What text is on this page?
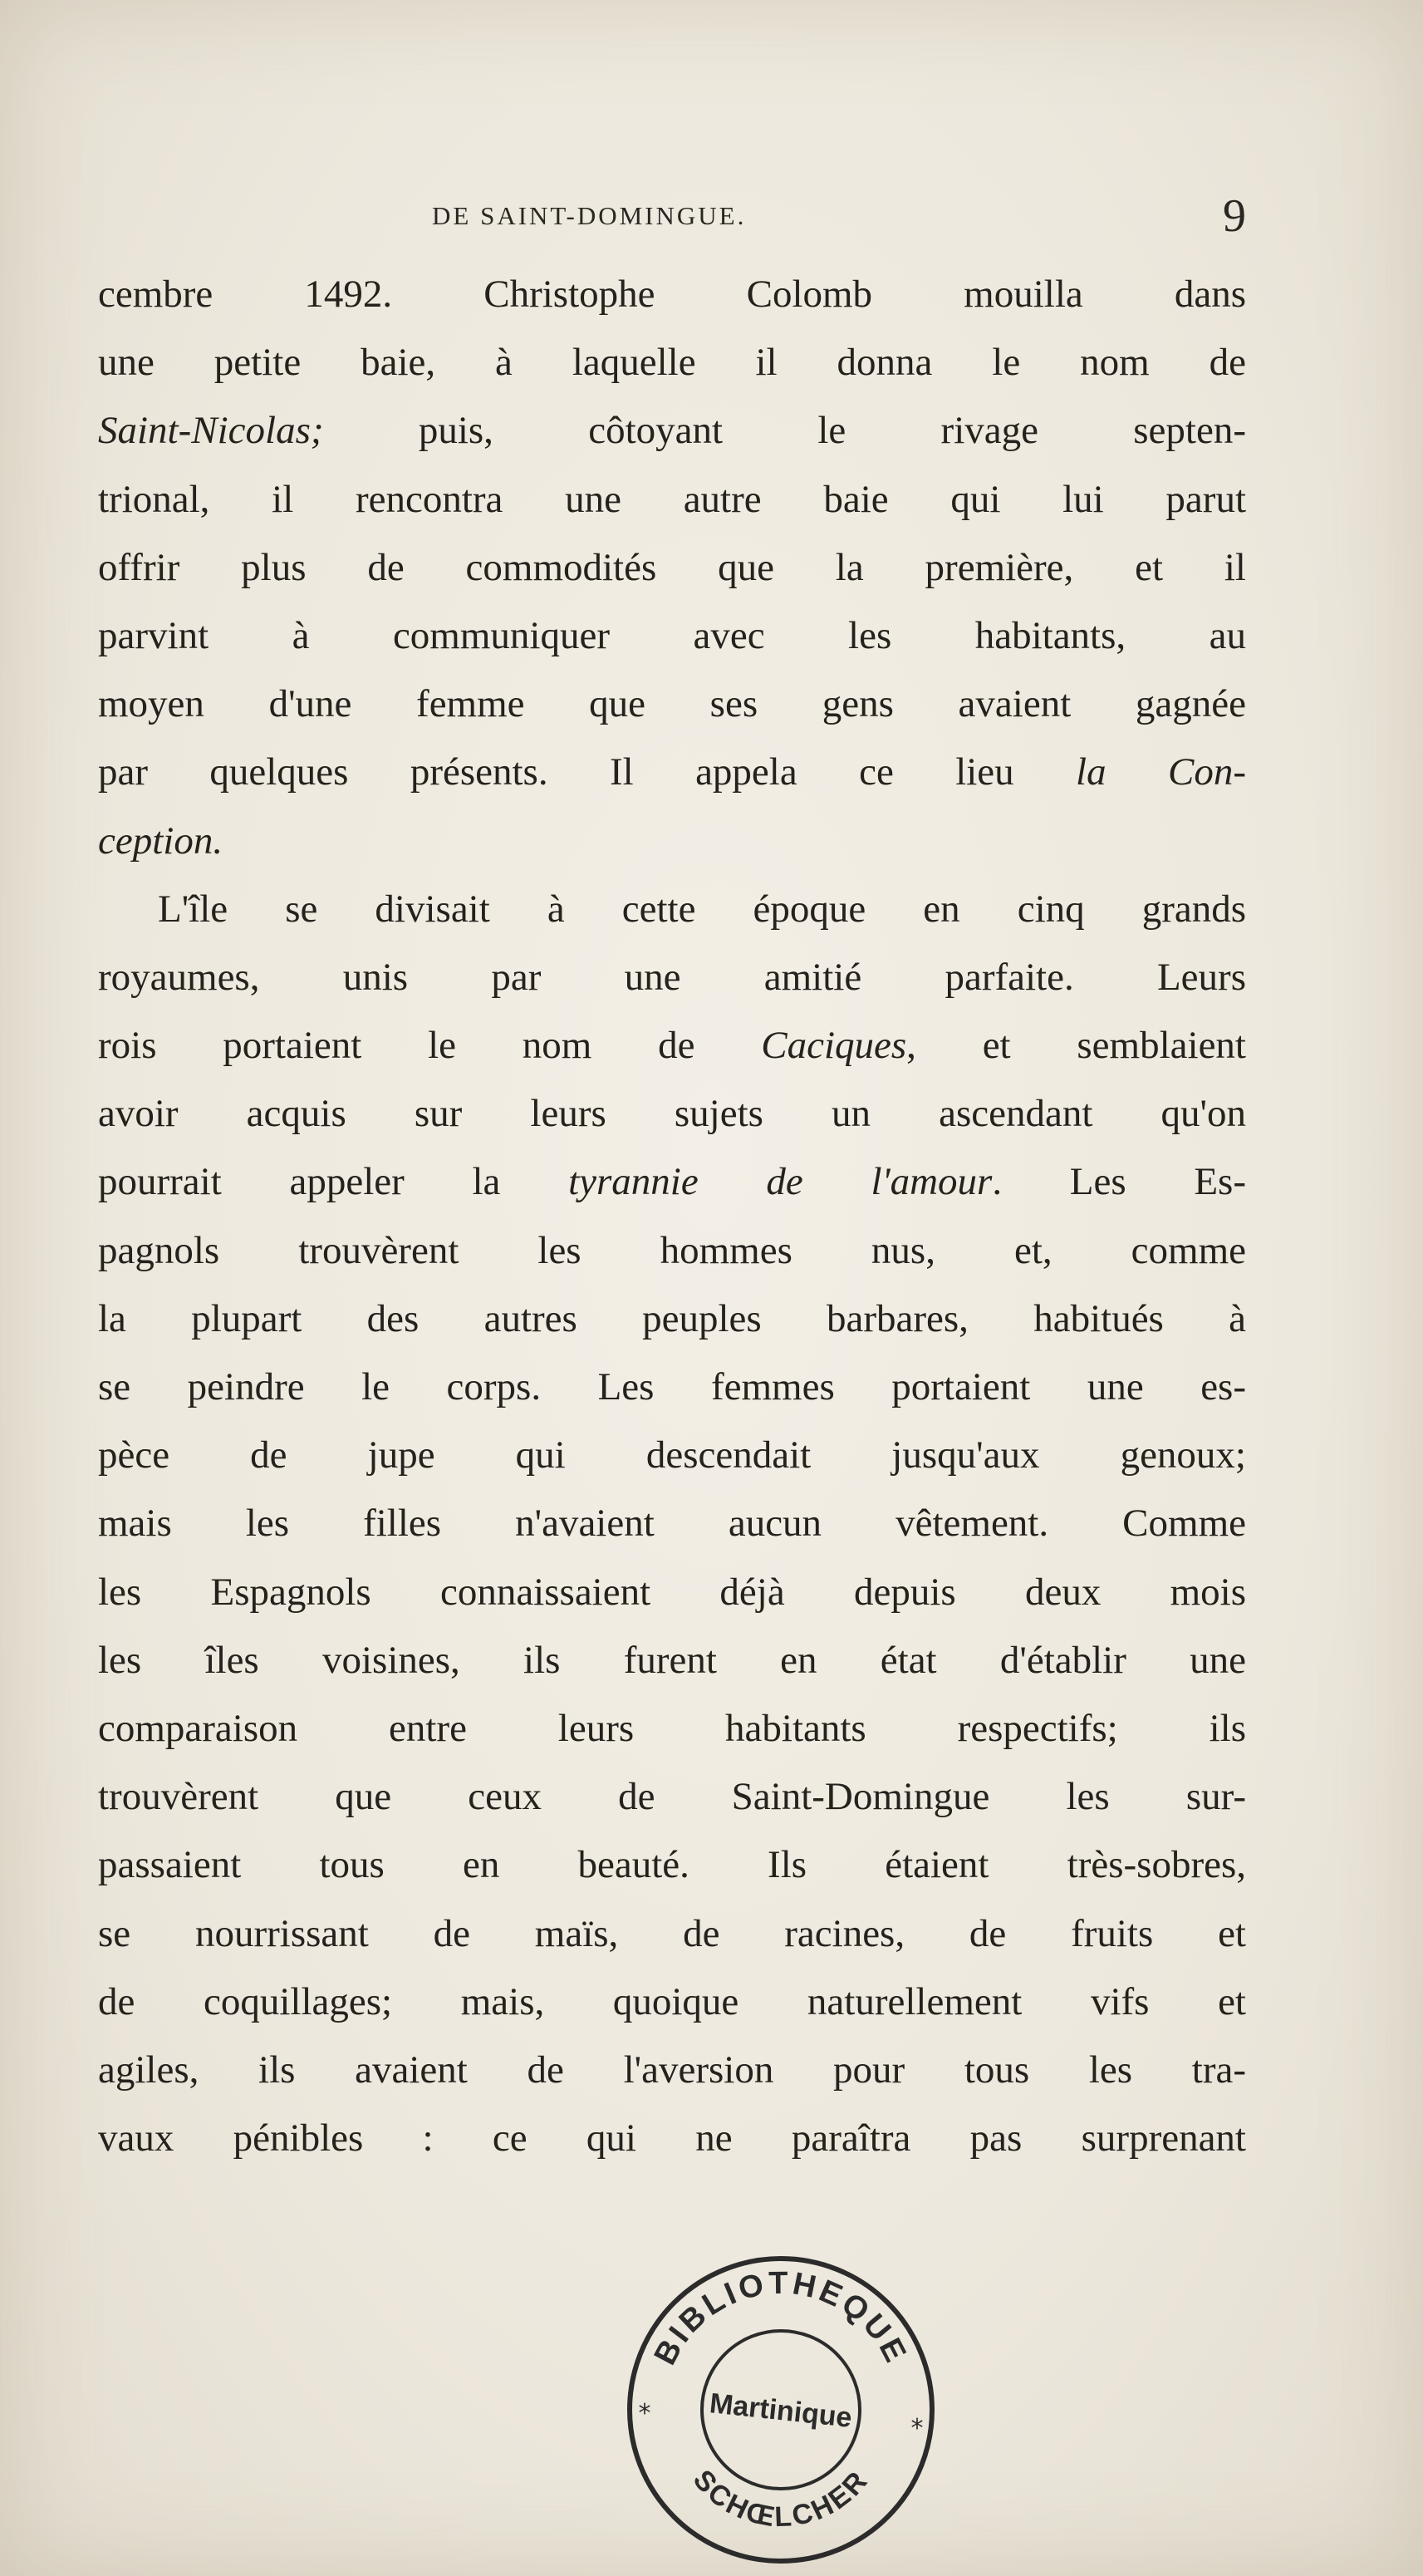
DE SAINT-DOMINGUE.	9
cembre 1492. Christophe Colomb mouilla dans
une petite baie, à laquelle il donna le nom de
Saint-Nicolas; puis, côtoyant le rivage septen-
trional, il rencontra une autre baie qui lui parut
offrir plus de commodités que la première, et il
parvint à communiquer avec les habitants, au
moyen d'une femme que ses gens avaient gagnée
par quelques présents. Il appela ce lieu la Con-
ception.
L'île se divisait à cette époque en cinq grands
royaumes, unis par une amitié parfaite. Leurs
rois portaient le nom de Caciques, et semblaient
avoir acquis sur leurs sujets un ascendant qu'on
pourrait appeler la tyrannie de l'amour. Les Es-
pagnols trouvèrent les hommes nus, et, comme
la plupart des autres peuples barbares, habitués à
se peindre le corps. Les femmes portaient une es-
pèce de jupe qui descendait jusqu'aux genoux;
mais les filles n'avaient aucun vêtement. Comme
les Espagnols connaissaient déjà depuis deux mois
les îles voisines, ils furent en état d'établir une
comparaison entre leurs habitants respectifs; ils
trouvèrent que ceux de Saint-Domingue les sur-
passaient tous en beauté. Ils étaient très-sobres,
se nourrissant de maïs, de racines, de fruits et
de coquillages; mais, quoique naturellement vifs et
agiles, ils avaient de l'aversion pour tous les tra-
vaux pénibles : ce qui ne paraîtra pas surprenant
BIBLIOTHEQUE
SCHŒLCHER
Martinique
*
*
